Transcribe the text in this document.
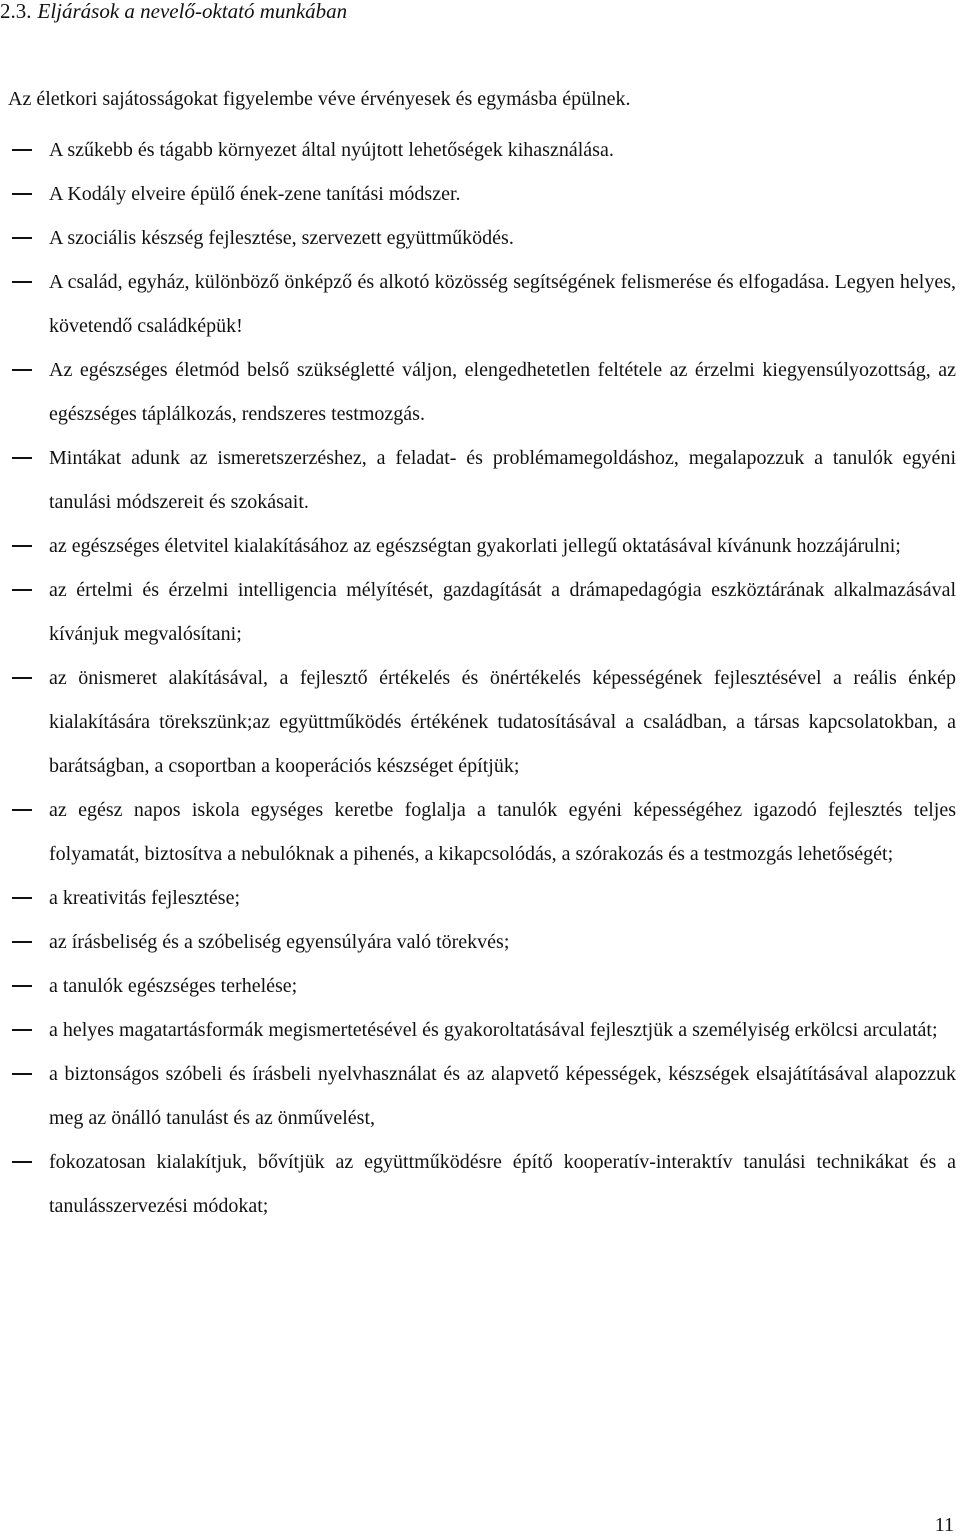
2.3. Eljárások a nevelő-oktató munkában
Az életkori sajátosságokat figyelembe véve érvényesek és egymásba épülnek.
A szűkebb és tágabb környezet által nyújtott lehetőségek kihasználása.
A Kodály elveire épülő ének-zene tanítási módszer.
A szociális készség fejlesztése, szervezett együttműködés.
A család, egyház, különböző önképző és alkotó közösség segítségének felismerése és elfogadása. Legyen helyes, követendő családképük!
Az egészséges életmód belső szükségletté váljon, elengedhetetlen feltétele az érzelmi kiegyensúlyozottság, az egészséges táplálkozás, rendszeres testmozgás.
Mintákat adunk az ismeretszerzéshez, a feladat- és problémamegoldáshoz, megalapozzuk a tanulók egyéni tanulási módszereit és szokásait.
az egészséges életvitel kialakításához az egészségtan gyakorlati jellegű oktatásával kívánunk hozzájárulni;
az értelmi és érzelmi intelligencia mélyítését, gazdagítását a drámapedagógia eszköztárának alkalmazásával kívánjuk megvalósítani;
az önismeret alakításával, a fejlesztő értékelés és önértékelés képességének fejlesztésével a reális énkép kialakítására törekszünk;az együttműködés értékének tudatosításával a családban, a társas kapcsolatokban, a barátságban, a csoportban a kooperációs készséget építjük;
az egész napos iskola egységes keretbe foglalja a tanulók egyéni képességéhez igazodó fejlesztés teljes folyamatát, biztosítva a nebulóknak a pihenés, a kikapcsolódás, a szórakozás és a testmozgás lehetőségét;
a kreativitás fejlesztése;
az írásbeliség és a szóbeliség egyensúlyára való törekvés;
a tanulók egészséges terhelése;
a helyes magatartásformák megismertetésével és gyakoroltatásával fejlesztjük a személyiség erkölcsi arculatát;
a biztonságos szóbeli és írásbeli nyelvhasználat és az alapvető képességek, készségek elsajátításával alapozzuk meg az önálló tanulást és az önművelést,
fokozatosan kialakítjuk, bővítjük az együttműködésre építő kooperatív-interaktív tanulási technikákat és a tanulásszervezési módokat;
11
